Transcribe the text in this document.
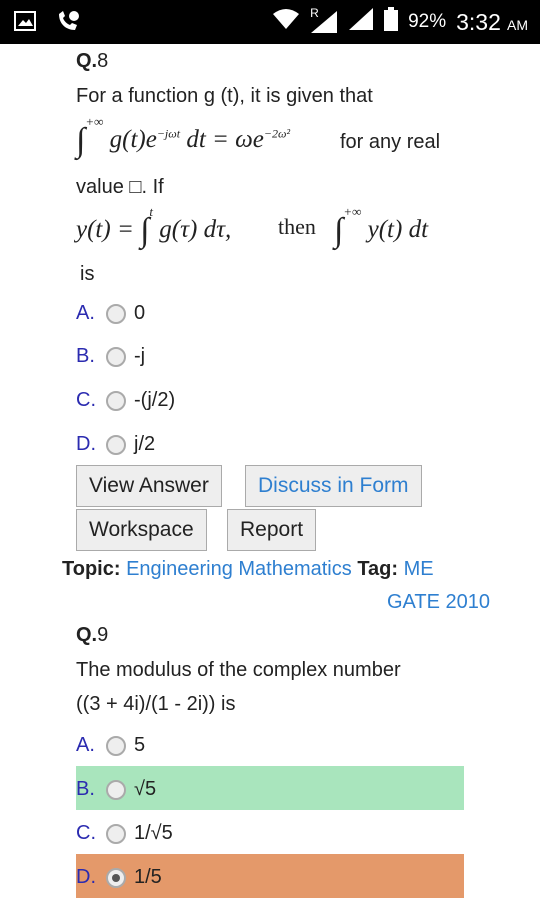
R	92% 3:32 AM
Q.8
For a function g (t), it is given that
∫+∞ $g(t)e^{-j\omega t}$ dt = $\omega e^{-2\omega^2}$ for any real
value □. If
y(t) = ∫$^t$ g(τ) dτ, then ∫+∞ y(t) dt
is
A.	0
B.	-j
C.	-(j/2)
D.	j/2
View Answer	Discuss in Form
Workspace	Report
Topic: Engineering Mathematics Tag: ME
GATE 2010
Q.9
The modulus of the complex number
((3 + 4i)/(1 - 2i)) is
A.	5
B.	√5
C.	1/√5
D.	1/5
